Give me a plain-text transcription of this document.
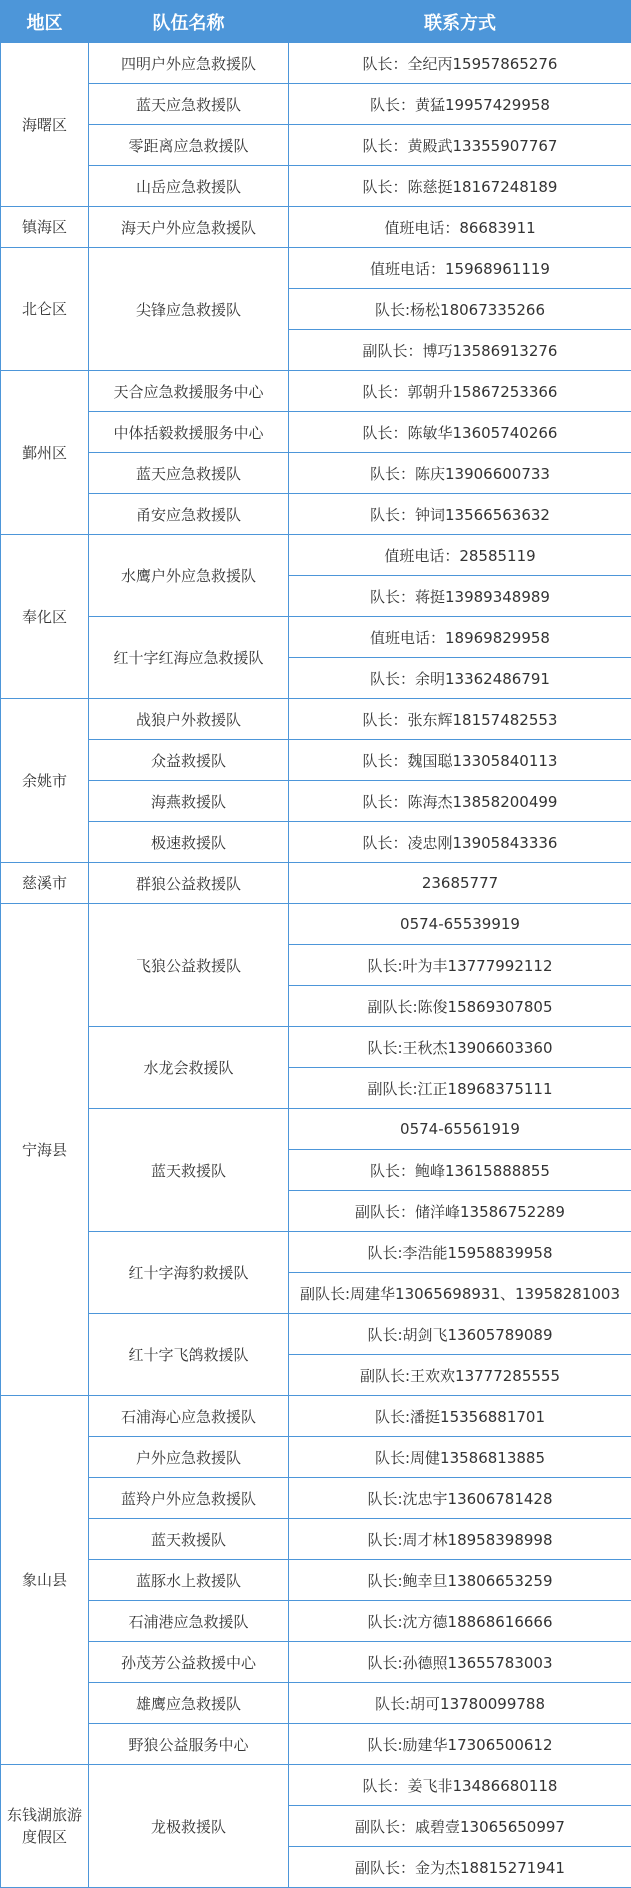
地区	队伍名称	联系方式
海曙区	四明户外应急救援队	队长：全纪丙15957865276
	蓝天应急救援队	队长：黄猛19957429958
	零距离应急救援队	队长：黄殿武13355907767
	山岳应急救援队	队长：陈慈挺18167248189
镇海区	海天户外应急救援队	值班电话：86683911
北仑区	尖锋应急救援队	值班电话：15968961119
		队长:杨松18067335266
		副队长：博巧13586913276
鄞州区	天合应急救援服务中心	队长：郭朝升15867253366
	中体括毅救援服务中心	队长：陈敏华13605740266
	蓝天应急救援队	队长：陈庆13906600733
	甬安应急救援队	队长：钟词13566563632
奉化区	水鹰户外应急救援队	值班电话：28585119
		队长：蒋挺13989348989
	红十字红海应急救援队	值班电话：18969829958
		队长：余明13362486791
余姚市	战狼户外救援队	队长：张东辉18157482553
	众益救援队	队长：魏国聪13305840113
	海燕救援队	队长：陈海杰13858200499
	极速救援队	队长：凌忠刚13905843336
慈溪市	群狼公益救援队	23685777
宁海县	飞狼公益救援队	0574-65539919
		队长:叶为丰13777992112
		副队长:陈俊15869307805
	水龙会救援队	队长:王秋杰13906603360
		副队长:江正18968375111
	蓝天救援队	0574-65561919
		队长：鲍峰13615888855
		副队长：储洋峰13586752289
	红十字海豹救援队	队长:李浩能15958839958
		副队长:周建华13065698931、13958281003
	红十字飞鸽救援队	队长:胡剑飞13605789089
		副队长:王欢欢13777285555
象山县	石浦海心应急救援队	队长:潘挺15356881701
	户外应急救援队	队长:周健13586813885
	蓝羚户外应急救援队	队长:沈忠宇13606781428
	蓝天救援队	队长:周才林18958398998
	蓝豚水上救援队	队长:鲍幸旦13806653259
	石浦港应急救援队	队长:沈方德18868616666
	孙茂芳公益救援中心	队长:孙德照13655783003
	雄鹰应急救援队	队长:胡可13780099788
	野狼公益服务中心	队长:励建华17306500612
东钱湖旅游度假区	龙极救援队	队长：姜飞非13486680118
		副队长：戚碧壹13065650997
		副队长：金为杰18815271941
